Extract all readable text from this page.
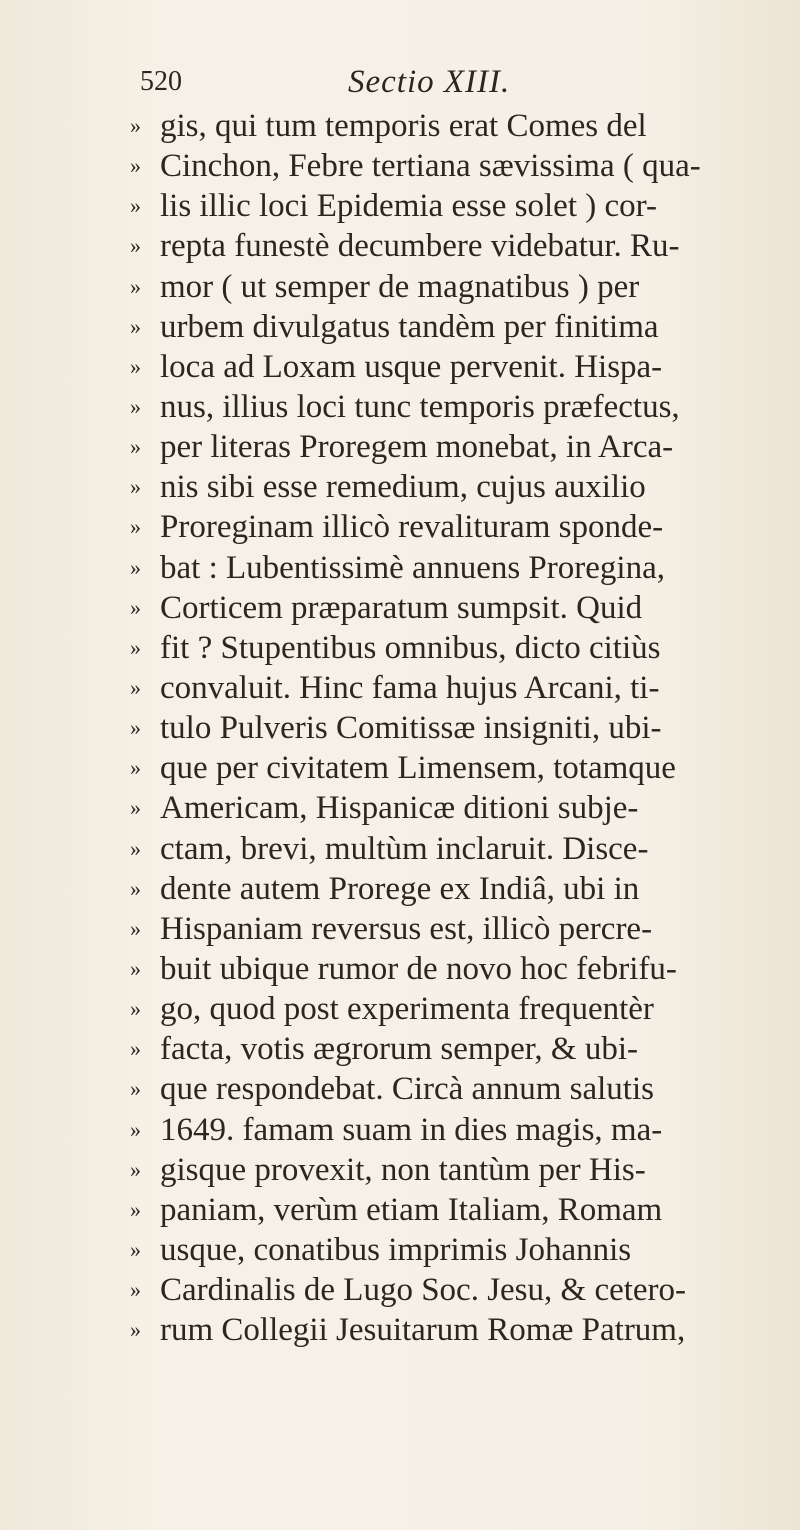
520	Sectio XIII.
» gis, qui tum temporis erat Comes del
» Cinchon, Febre tertiana sævissima ( qua-
» lis illic loci Epidemia esse solet ) cor-
» repta funestè decumbere videbatur. Ru-
» mor ( ut semper de magnatibus ) per
» urbem divulgatus tandèm per finitima
» loca ad Loxam usque pervenit. Hispa-
» nus, illius loci tunc temporis præfectus,
» per literas Proregem monebat, in Arca-
» nis sibi esse remedium, cujus auxilio
» Proreginam illicò revalituram sponde-
» bat : Lubentissimè annuens Proregina,
» Corticem præparatum sumpsit. Quid
» fit ? Stupentibus omnibus, dicto citiùs
» convaluit. Hinc fama hujus Arcani, ti-
» tulo Pulveris Comitissæ insigniti, ubi-
» que per civitatem Limensem, totamque
» Americam, Hispanicæ ditioni subje-
» ctam, brevi, multùm inclaruit. Disce-
» dente autem Prorege ex Indiâ, ubi in
» Hispaniam reversus est, illicò percre-
» buit ubique rumor de novo hoc febrifu-
» go, quod post experimenta frequentèr
» facta, votis ægrorum semper, & ubi-
» que respondebat. Circà annum salutis
» 1649. famam suam in dies magis, ma-
» gisque provexit, non tantùm per His-
» paniam, verùm etiam Italiam, Romam
» usque, conatibus imprimis Johannis
» Cardinalis de Lugo Soc. Jesu, & cetero-
» rum Collegii Jesuitarum Romæ Patrum,
